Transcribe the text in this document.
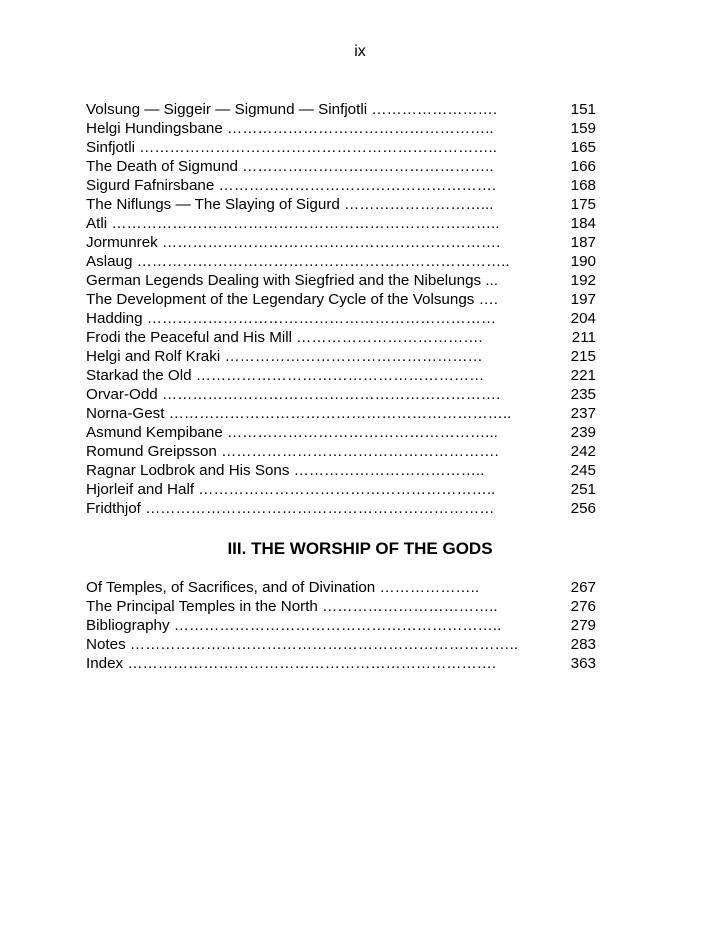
ix
Volsung — Siggeir — Sigmund — Sinfjotli …………………….	151
Helgi Hundingsbane ……………………………………………..	159
Sinfjotli ……………………………………………………………..	165
The Death of Sigmund …………………………………………..	166
Sigurd Fafnirsbane ……………………………………………….	168
The Niflungs — The Slaying of Sigurd ………………………...	175
Atli …………………………………………………………………..	184
Jormunrek ………………………………………………………….	187
Aslaug ………………………………………………………………..	190
German Legends Dealing with Siegfried and the Nibelungs ...	192
The Development of the Legendary Cycle of the Volsungs ….	197
Hadding ……………………………………………………………	204
Frodi the Peaceful and His Mill ……………………………….	211
Helgi and Rolf Kraki ……………………………………………	215
Starkad the Old …………………………………………………	221
Orvar-Odd ………………………………………………………….	235
Norna-Gest …………………………………………………………..	237
Asmund Kempibane ……………………………………………...	239
Romund Greipsson ……………………………………………….	242
Ragnar Lodbrok and His Sons ………………………………..	245
Hjorleif and Half …………………………………………………..	251
Fridthjof ……………………………………………………………	256
III. THE WORSHIP OF THE GODS
Of Temples, of Sacrifices, and of Divination ………………..	267
The Principal Temples in the North ……………………………..	276
Bibliography ………………………………………………………..	279
Notes …………………………………………………………………..	283
Index ……………………………………………………………….	363
